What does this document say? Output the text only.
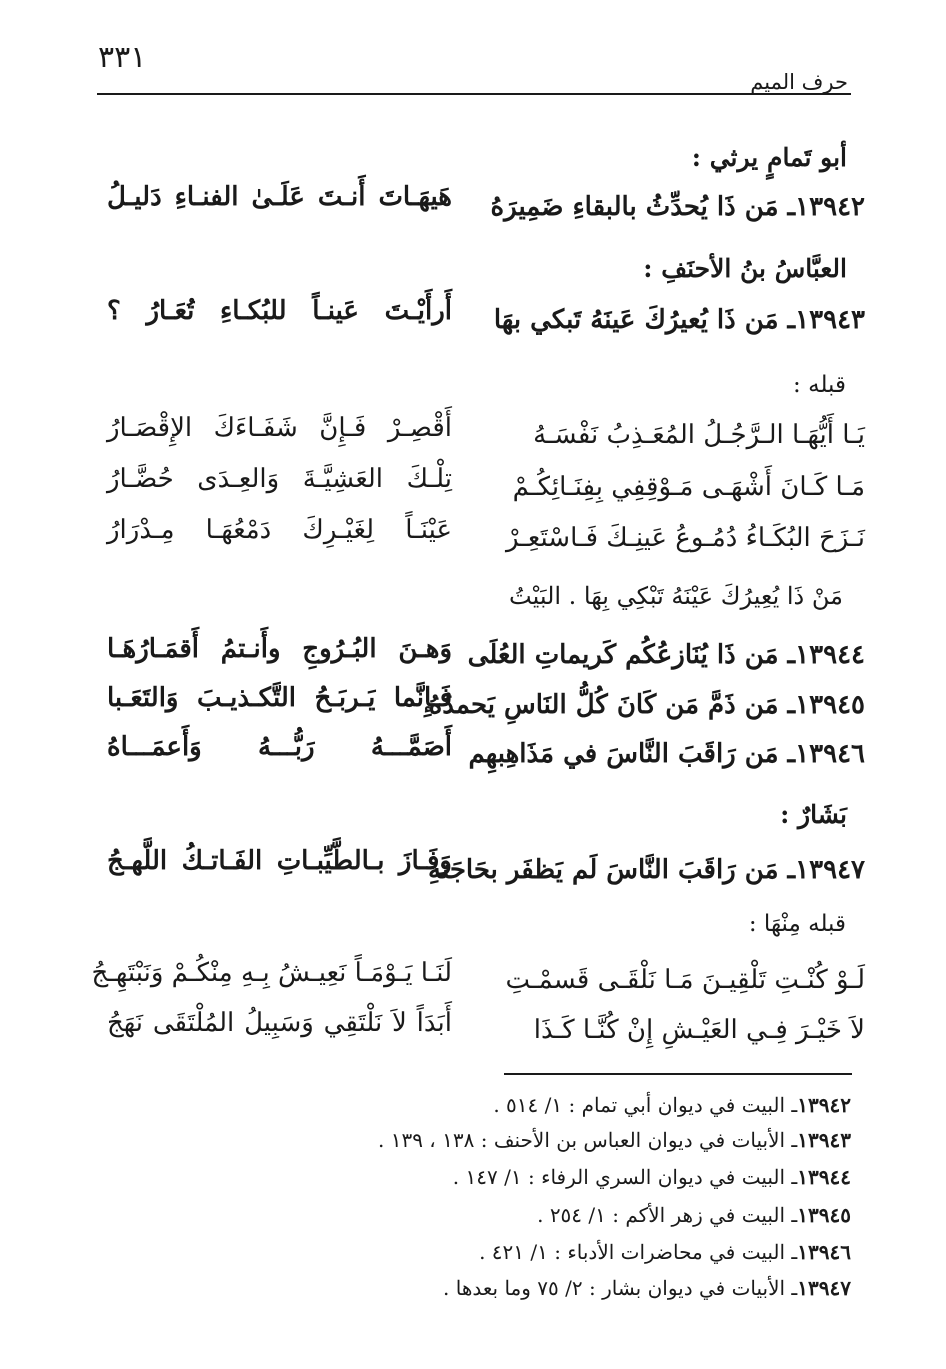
٣٣١
حرف الميم
أبو تَمامٍ يرثي :
١٣٩٤٢ـ مَن ذَا يُحدِّثُ بالبقاءِ ضَمِيرَهُ
هَيهَـاتَ أَنـتَ عَلَـىٰ الفنـاءِ دَليـلُ
العبَّاسُ بنُ الأحنَفِ :
١٣٩٤٣ـ مَن ذَا يُعيرُكَ عَينَهُ تَبكي بهَا
أَرأَيْـتَ عَينـاً للبُكـاءِ تُعَـارُ ؟
قبله :
يَـا أَيُّهَـا الـرَّجُـلُ المُعَـذِبُ نَفْسَـهُ
أَقْصِـرْ فَـإِنَّ شَفَـاءَكَ الإِقْصَـارُ
مَـا كَـانَ أَشْهَـى مَـوْقِفِي بِفِنَـائِكُـمْ
تِلْـكَ العَشِيَّـةَ وَالعِـدَى حُضَّـارُ
نَـزَحَ البُكَـاءُ دُمُـوعُ عَينِـكَ فَـاسْتَعِـرْ
عَيْنَـاً لِغَيْـرِكَ دَمْعُهَـا مِـدْرَارُ
مَنْ ذَا يُعِيرُكَ عَيْنَهُ تَبْكِي بِهَا . البَيْتُ
١٣٩٤٤ـ مَن ذَا يُنَازعُكُم كَريماتِ العُلَى
وَهـنَ البُـرُوجِ وأَنـتمُ أَقمَـارُهَـا
١٣٩٤٥ـ مَن ذَمَّ مَن كَانَ كُلُّ النَاسِ يَحمدُهُ
فَـإِنَّما يَـربَـحُ التَّكـذيـبَ وَالتَعَـبا
١٣٩٤٦ـ مَن رَاقَبَ النَّاسَ في مَذَاهِبهِم
أَصَمَّـــهُ رَبُّـــهُ وَأَعمَـــاهُ
بَشَارٌ :
١٣٩٤٧ـ مَن رَاقَبَ النَّاسَ لَم يَظفَر بحَاجَتهِ
وَفَـازَ بـالطَّيِّبـاتِ الفَـاتـكُ اللَّهـجُ
قبله مِنْهَا :
لَـوْ كُنْـتِ تَلْقِيـنَ مَـا نَلْقَـى قَسمْـتِ
لَنَـا يَـوْمَـاً نَعِيـشُ بِـهِ مِنْكُـمْ وَنَبْتَهِـجُ
لاَ خَيْـرَ فِـي العَيْـشِ إِنْ كُنَّـا كَـذَا
أَبَدَاً لاَ نَلْتَقِي وَسَبِيلُ المُلْتَقَى نَهَجُ
١٣٩٤٢ـ البيت في ديوان أبي تمام : ١/ ٥١٤ .
١٣٩٤٣ـ الأبيات في ديوان العباس بن الأحنف : ١٣٨ ، ١٣٩ .
١٣٩٤٤ـ البيت في ديوان السري الرفاء : ١/ ١٤٧ .
١٣٩٤٥ـ البيت في زهر الأكم : ١/ ٢٥٤ .
١٣٩٤٦ـ البيت في محاضرات الأدباء : ١/ ٤٢١ .
١٣٩٤٧ـ الأبيات في ديوان بشار : ٢/ ٧٥ وما بعدها .
